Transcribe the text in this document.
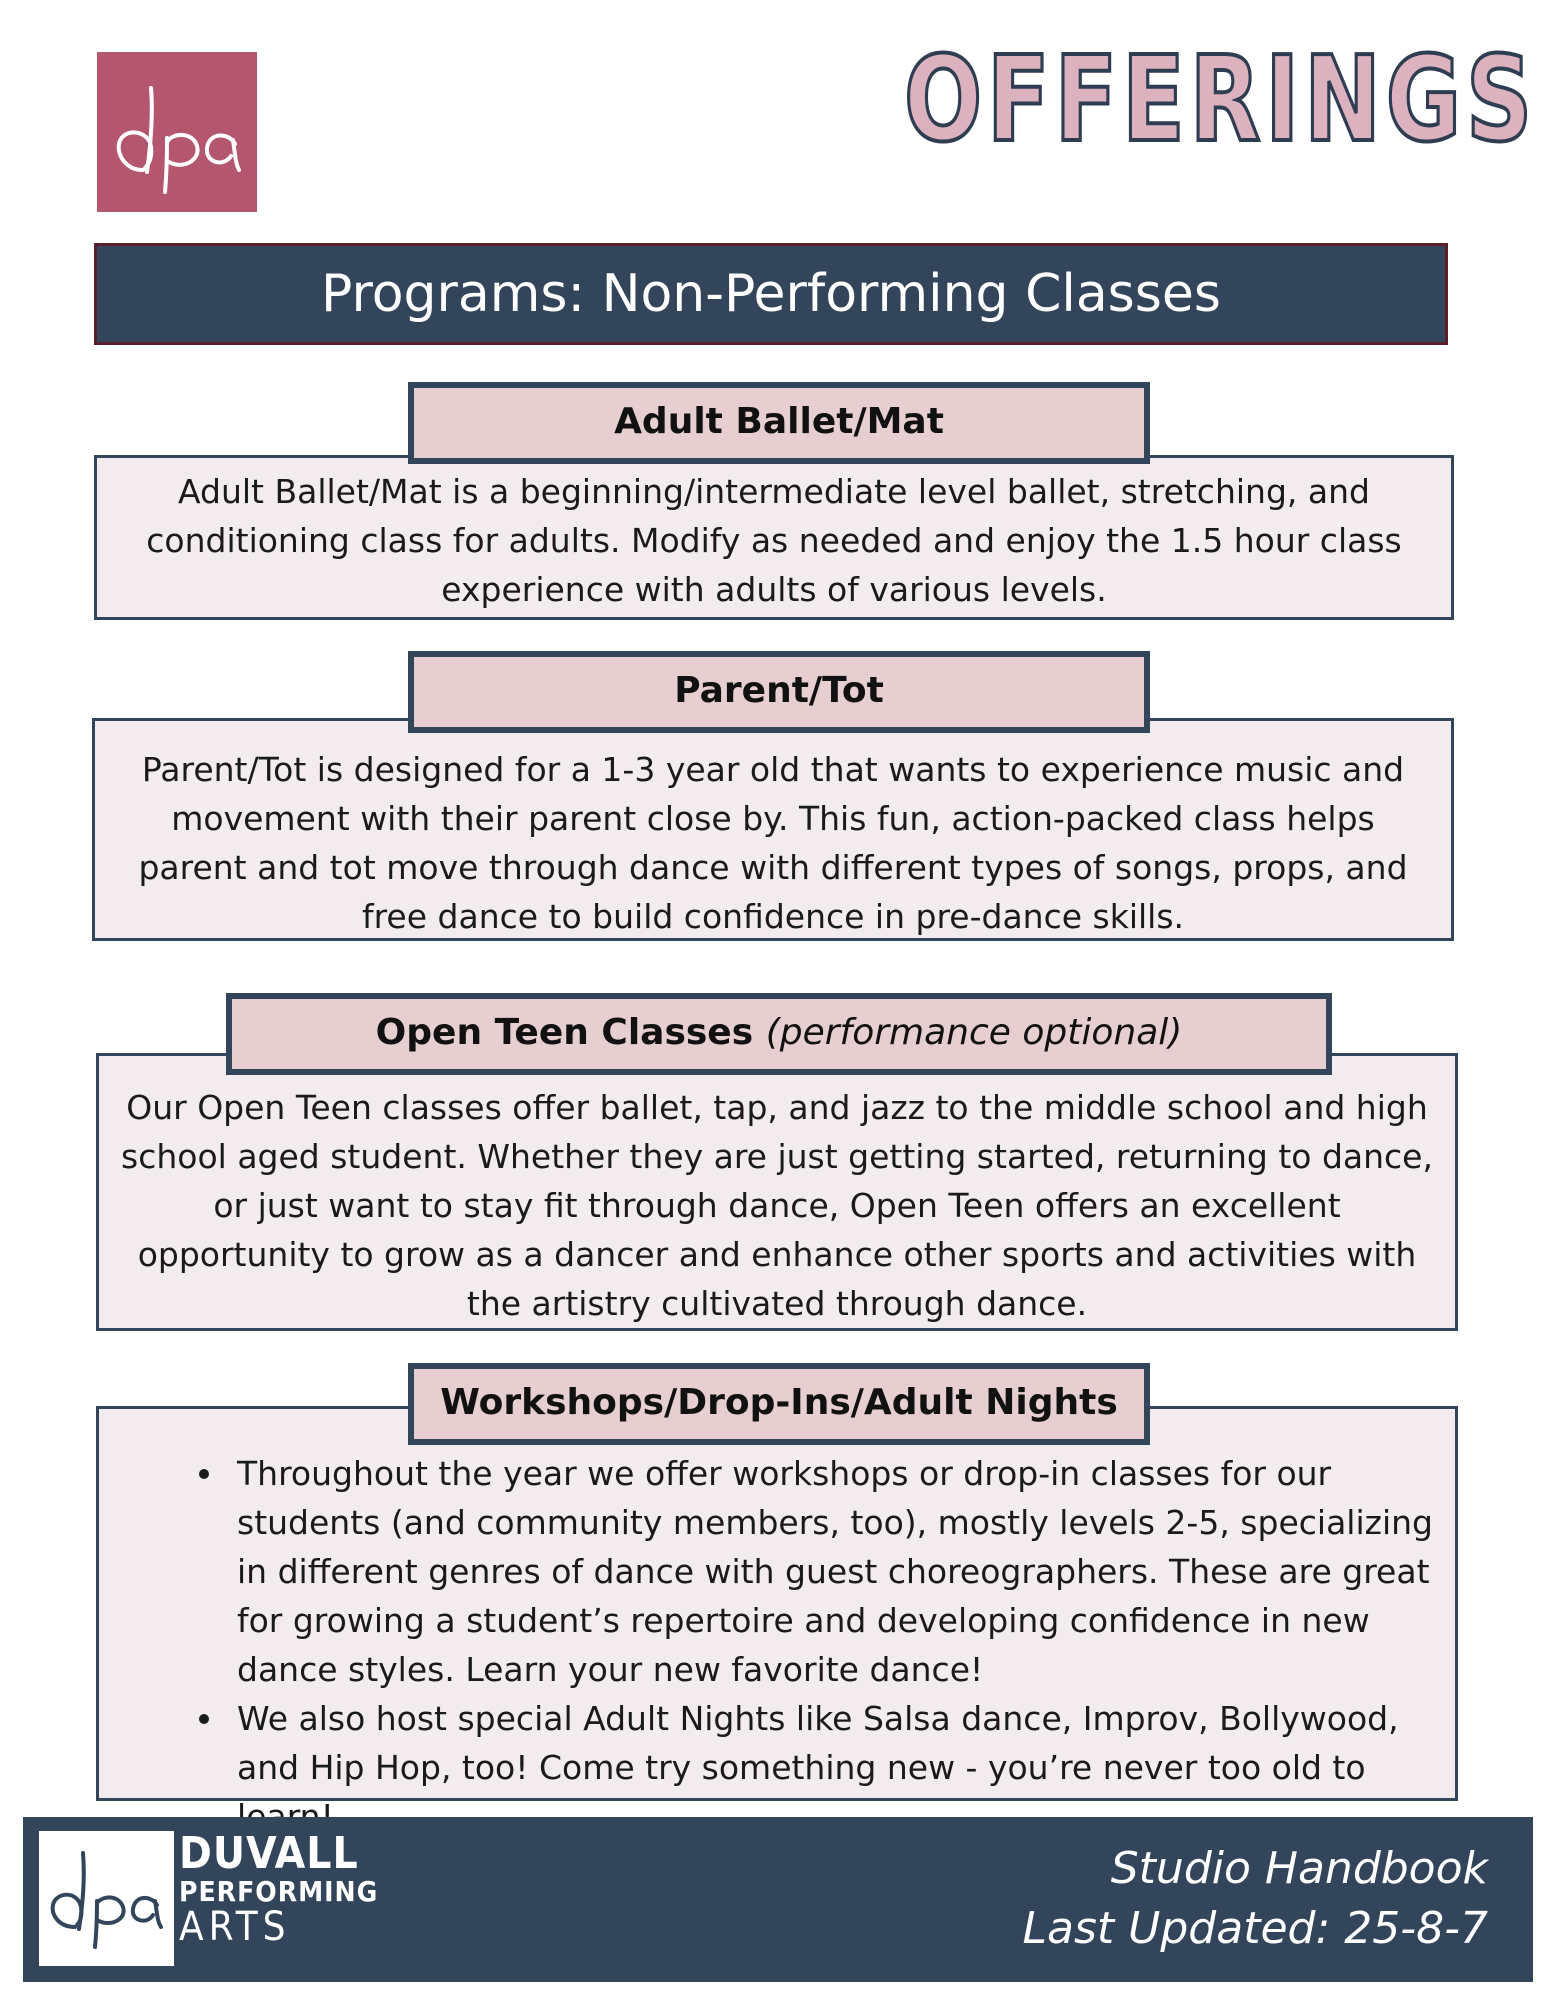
OFFERINGS
Programs: Non-Performing Classes
Adult Ballet/Mat is a beginning/intermediate level ballet, stretching, and conditioning class for adults. Modify as needed and enjoy the 1.5 hour class experience with adults of various levels.
Adult Ballet/Mat
Parent/Tot is designed for a 1-3 year old that wants to experience music and movement with their parent close by. This fun, action-packed class helps parent and tot move through dance with different types of songs, props, and free dance to build confidence in pre-dance skills.
Parent/Tot
Our Open Teen classes offer ballet, tap, and jazz to the middle school and high school aged student. Whether they are just getting started, returning to dance, or just want to stay fit through dance, Open Teen offers an excellent opportunity to grow as a dancer and enhance other sports and activities with the artistry cultivated through dance.
Open Teen Classes (performance optional)
Throughout the year we offer workshops or drop-in classes for our students (and community members, too), mostly levels 2-5, specializing in different genres of dance with guest choreographers. These are great for growing a student’s repertoire and developing confidence in new dance styles. Learn your new favorite dance!
We also host special Adult Nights like Salsa dance, Improv, Bollywood, and Hip Hop, too! Come try something new - you’re never too old to
Workshops/Drop-Ins/Adult Nights
DUVALL
PERFORMING
ARTS
Studio Handbook
Last Updated: 25-8-7
